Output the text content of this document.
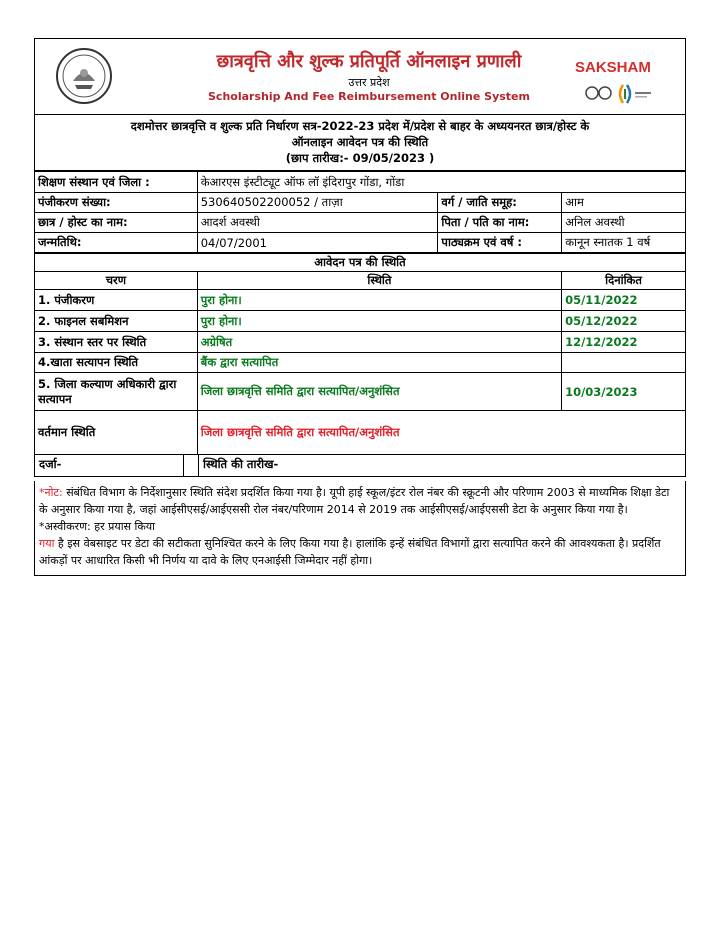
छात्रवृत्ति और शुल्क प्रतिपूर्ति ऑनलाइन प्रणाली
उत्तर प्रदेश
Scholarship And Fee Reimbursement Online System
SAKSHAM
दशमोत्तर छात्रवृत्ति व शुल्क प्रति निर्धारण सत्र-2022-23 प्रदेश में/प्रदेश से बाहर के अध्ययनरत छात्र/होस्ट के
ऑनलाइन आवेदन पत्र की स्थिति
(छाप तारीख:- 09/05/2023 )
शिक्षण संस्थान एवं जिला :	केआरएस इंस्टीट्यूट ऑफ लॉ इंदिरापुर गोंडा, गोंडा		
पंजीकरण संख्या:	530640502200052 / ताज़ा	वर्ग / जाति समूह:	आम
छात्र / होस्ट का नाम:	आदर्श अवस्थी	पिता / पति का नाम:	अनिल अवस्थी
जन्मतिथि:	04/07/2001	पाठ्यक्रम एवं वर्ष :	कानून स्नातक 1 वर्ष
आवेदन पत्र की स्थिति		
चरण	स्थिति	दिनांकित
1. पंजीकरण	पुरा होना।	05/11/2022
2. फाइनल सबमिशन	पुरा होना।	05/12/2022
3. संस्थान स्तर पर स्थिति	अग्रेषित	12/12/2022
4.खाता सत्यापन स्थिति	बैंक द्वारा सत्यापित	
5. जिला कल्याण अधिकारी द्वारा सत्यापन	जिला छात्रवृत्ति समिति द्वारा सत्यापित/अनुशंसित	10/03/2023
वर्तमान स्थिति	जिला छात्रवृत्ति समिति द्वारा सत्यापित/अनुशंसित	
दर्जा-	स्थिति की तारीख-
*नोट: संबंधित विभाग के निर्देशानुसार स्थिति संदेश प्रदर्शित किया गया है। यूपी हाई स्कूल/इंटर रोल नंबर की स्क्रूटनी और परिणाम 2003 से माध्यमिक शिक्षा डेटा के अनुसार किया गया है, जहां आईसीएसई/आईएससी रोल नंबर/परिणाम 2014 से 2019 तक आईसीएसई/आईएससी डेटा के अनुसार किया गया है। *अस्वीकरण: हर प्रयास किया
गया है इस वेबसाइट पर डेटा की सटीकता सुनिश्चित करने के लिए किया गया है। हालांकि इन्हें संबंधित विभागों द्वारा सत्यापित करने की आवश्यकता है। प्रदर्शित आंकड़ों पर आधारित किसी भी निर्णय या दावे के लिए एनआईसी जिम्मेदार नहीं होगा।
